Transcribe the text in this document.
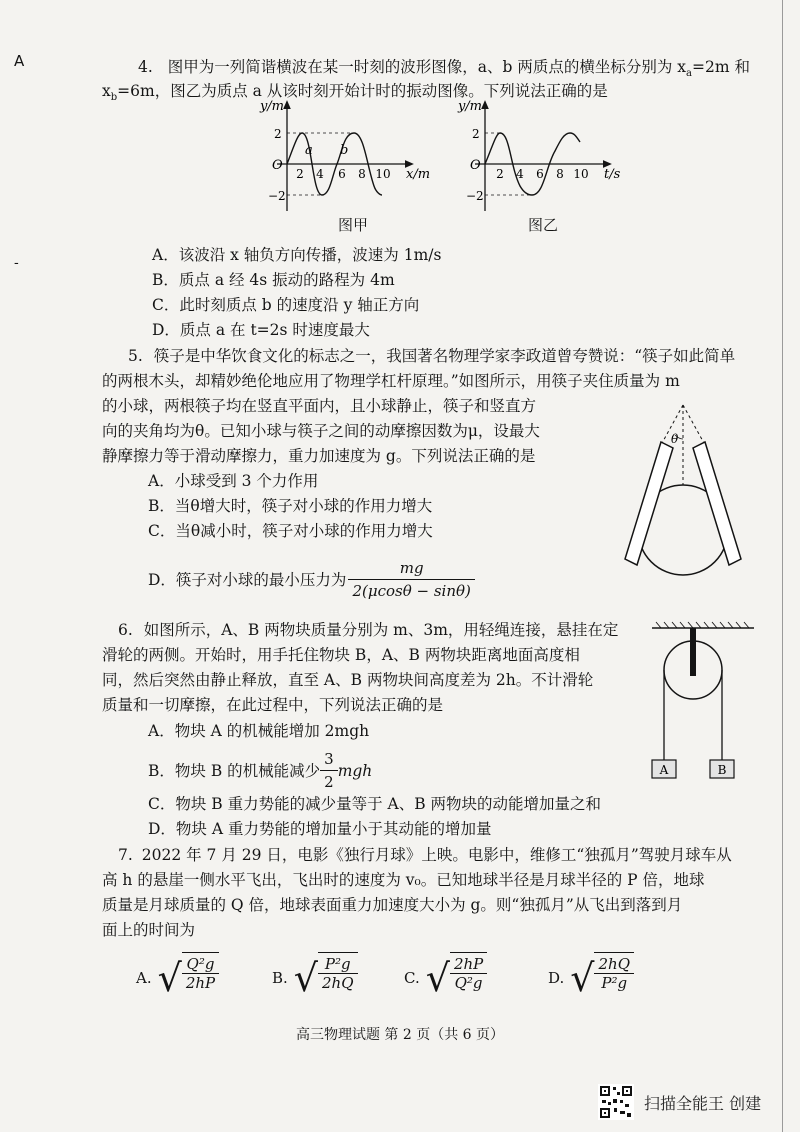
A
-
4. 图甲为一列简谐横波在某一时刻的波形图像，a、b 两质点的横坐标分别为 $x_a=2m$ 和
$x_b=6m$，图乙为质点 a 从该时刻开始计时的振动图像。下列说法正确的是
y/m
x/m
O
2
−2
2 4 6 8 10
a b
图甲
y/m
t/s
O
2
−2
2 4 6 8 10
图乙
A．该波沿 x 轴负方向传播，波速为 1m/s
B．质点 a 经 4s 振动的路程为 4m
C．此时刻质点 b 的速度沿 y 轴正方向
D．质点 a 在 t=2s 时速度最大
5. 筷子是中华饮食文化的标志之一，我国著名物理学家李政道曾夸赞说：“筷子如此简单
的两根木头，却精妙绝伦地应用了物理学杠杆原理。”如图所示，用筷子夹住质量为 m
的小球，两根筷子均在竖直平面内，且小球静止，筷子和竖直方
向的夹角均为θ。已知小球与筷子之间的动摩擦因数为μ，设最大
静摩擦力等于滑动摩擦力，重力加速度为 g。下列说法正确的是
A．小球受到 3 个力作用
B．当θ增大时，筷子对小球的作用力增大
C．当θ减小时，筷子对小球的作用力增大
D．筷子对小球的最小压力为 $\frac{mg}{2(\mu\cos\theta - \sin\theta)}$
θ
6. 如图所示，A、B 两物块质量分别为 m、3m，用轻绳连接，悬挂在定
滑轮的两侧。开始时，用手托住物块 B，A、B 两物块距离地面高度相
同，然后突然由静止释放，直至 A、B 两物块间高度差为 2h。不计滑轮
质量和一切摩擦，在此过程中，下列说法正确的是
A．物块 A 的机械能增加 2mgh
B．物块 B 的机械能减少 $\frac{3}{2}$ mgh
C．物块 B 重力势能的减少量等于 A、B 两物块的动能增加量之和
D．物块 A 重力势能的增加量小于其动能的增加量
A	B
7. 2022 年 7 月 29 日，电影《独行月球》上映。电影中，维修工“独孤月”驾驶月球车从
高 h 的悬崖一侧水平飞出，飞出时的速度为 v₀。已知地球半径是月球半径的 P 倍，地球
质量是月球质量的 Q 倍，地球表面重力加速度大小为 g。则“独孤月”从飞出到落到月
面上的时间为
A. √ $\frac{\text{Q²g}}{2hP}$	B. √ $\frac{\text{P²g}}{2hQ}$	C. √ $\frac{2hP}{\text{Q²g}}$	D. √ $\frac{2hQ}{\text{P²g}}$
高三物理试题 第 2 页（共 6 页）
扫描全能王 创建
